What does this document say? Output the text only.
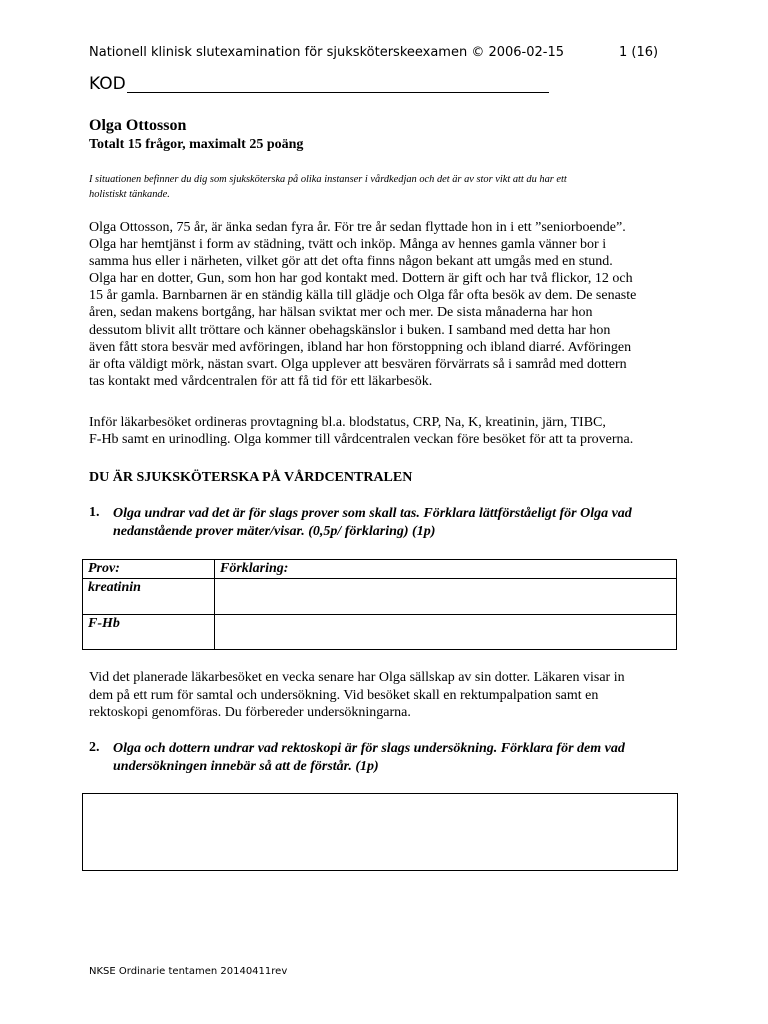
Nationell klinisk slutexamination för sjuksköterskeexamen © 2006-02-15	1 (16)
KOD
Olga Ottosson
Totalt 15 frågor, maximalt 25 poäng
I situationen befinner du dig som sjuksköterska på olika instanser i vårdkedjan och det är av stor vikt att du har ett
holistiskt tänkande.
Olga Ottosson, 75 år, är änka sedan fyra år. För tre år sedan flyttade hon in i ett ”seniorboende”.
Olga har hemtjänst i form av städning, tvätt och inköp. Många av hennes gamla vänner bor i
samma hus eller i närheten, vilket gör att det ofta finns någon bekant att umgås med en stund.
Olga har en dotter, Gun, som hon har god kontakt med. Dottern är gift och har två flickor, 12 och
15 år gamla. Barnbarnen är en ständig källa till glädje och Olga får ofta besök av dem. De senaste
åren, sedan makens bortgång, har hälsan sviktat mer och mer. De sista månaderna har hon
dessutom blivit allt tröttare och känner obehagskänslor i buken. I samband med detta har hon
även fått stora besvär med avföringen, ibland har hon förstoppning och ibland diarré. Avföringen
är ofta väldigt mörk, nästan svart. Olga upplever att besvären förvärrats så i samråd med dottern
tas kontakt med vårdcentralen för att få tid för ett läkarbesök.
Inför läkarbesöket ordineras provtagning bl.a. blodstatus, CRP, Na, K, kreatinin, järn, TIBC,
F-Hb samt en urinodling. Olga kommer till vårdcentralen veckan före besöket för att ta proverna.
DU ÄR SJUKSKÖTERSKA PÅ VÅRDCENTRALEN
1. Olga undrar vad det är för slags prover som skall tas. Förklara lättförståeligt för Olga vad
nedanstående prover mäter/visar. (0,5p/ förklaring) (1p)
Prov:	Förklaring:
kreatinin	
F-Hb	
Vid det planerade läkarbesöket en vecka senare har Olga sällskap av sin dotter. Läkaren visar in
dem på ett rum för samtal och undersökning. Vid besöket skall en rektumpalpation samt en
rektoskopi genomföras. Du förbereder undersökningarna.
2. Olga och dottern undrar vad rektoskopi är för slags undersökning. Förklara för dem vad
undersökningen innebär så att de förstår. (1p)
NKSE Ordinarie tentamen 20140411rev
